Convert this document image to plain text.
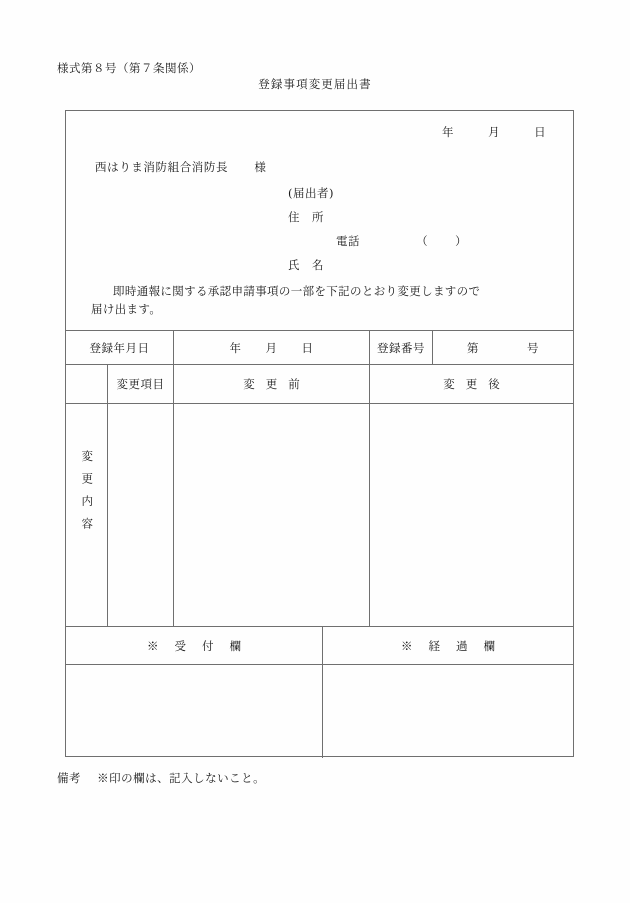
様式第８号（第７条関係）
登録事項変更届出書
年	月	日
西はりま消防組合消防長 様
(届出者)
住　所
電話	（　）
氏　名
即時通報に関する承認申請事項の一部を下記のとおり変更しますので
届け出ます。
登録年月日	年　　月　　日	登録番号	第　　　　号
変更項目	変更前	変更後
変更内容
※受付欄	※経過欄
備考 ※印の欄は、記入しないこと。
